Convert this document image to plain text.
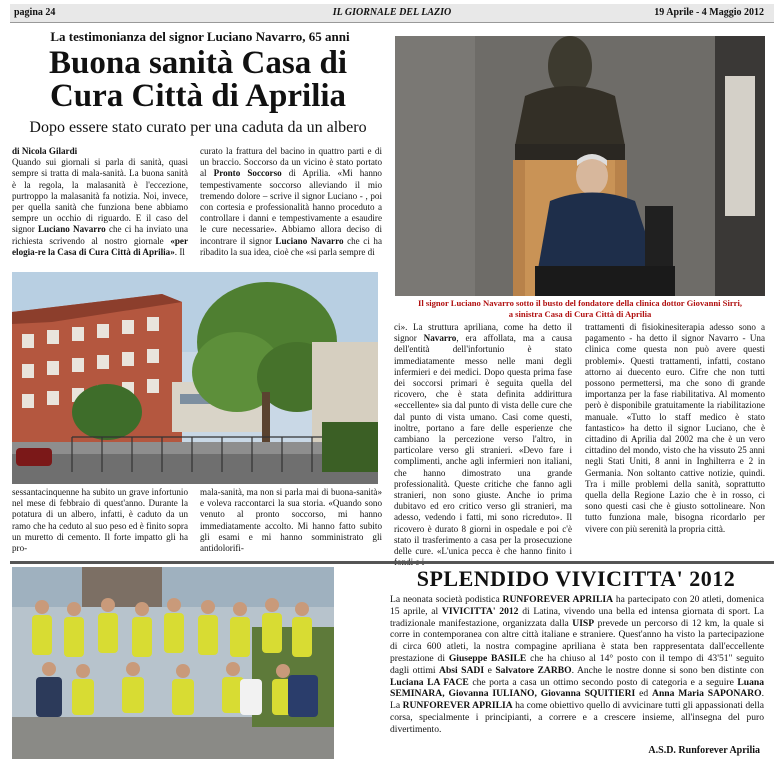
pagina 24	IL GIORNALE DEL LAZIO	19 Aprile - 4 Maggio 2012
La testimonianza del signor Luciano Navarro, 65 anni
Buona sanità Casa di
Cura Città di Aprilia
Dopo essere stato curato per una caduta da un albero
di Nicola Gilardi
Quando sui giornali si parla di sanità, quasi sempre si tratta di mala-sanità. La buona sanità è la regola, la malasanità è l'eccezione, purtroppo la malasanità fa notizia. Noi, invece, per quella sanità che funziona bene abbiamo sempre un occhio di riguardo. E il caso del signor Luciano Navarro che ci ha inviato una richiesta scrivendo al nostro giornale «per elogia-re la Casa di Cura Città di Aprilia». Il
curato la frattura del bacino in quattro parti e di un braccio. Soccorso da un vicino è stato portato al Pronto Soccorso di Aprilia. «Mi hanno tempestivamente soccorso alleviando il mio tremendo dolore – scrive il signor Luciano - , poi con cortesia e professionalità hanno proceduto a controllare i danni e tempestivamente a esaudire le cure necessarie». Abbiamo allora deciso di incontrare il signor Luciano Navarro che ci ha ribadito la sua idea, cioè che «si parla sempre di
sessantacinquenne ha subito un grave infortunio nel mese di febbraio di quest'anno. Durante la potatura di un albero, infatti, è caduto da un ramo che ha ceduto al suo peso ed è finito sopra un muretto di cemento. Il forte impatto gli ha pro-
mala-sanità, ma non si parla mai di buona-sanità» e voleva raccontarci la sua storia. «Quando sono venuto al pronto soccorso, mi hanno immediatamente accolto. Mi hanno fatto subito gli esami e mi hanno somministrato gli antidolorifi-
Il signor Luciano Navarro sotto il busto del fondatore della clinica dottor Giovanni Sirri,
a sinistra Casa di Cura Città di Aprilia
ci». La struttura apriliana, come ha detto il signor Navarro, era affollata, ma a causa dell'entità dell'infortunio è stato immediatamente messo nelle mani degli infermieri e dei medici. Dopo questa prima fase dei soccorsi primari è seguita quella del ricovero, che è stata definita addirittura «eccellente» sia dal punto di vista delle cure che dal punto di vista umano. Casi come questi, inoltre, portano a fare delle esperienze che cambiano la percezione verso l'altro, in particolare verso gli stranieri. «Devo fare i complimenti, anche agli infermieri non italiani, che hanno dimostrato una grande professionalità. Queste critiche che fanno agli stranieri, non sono giuste. Anche io prima dubitavo ed ero critico verso gli stranieri, ma adesso, vedendo i fatti, mi sono ricreduto». Il ricovero è durato 8 giorni in ospedale e poi c'è stato il trasferimento a casa per la prosecuzione delle cure. «L'unica pecca è che hanno finito i
trattamenti di fisiokinesiterapia adesso sono a pagamento - ha detto il signor Navarro - Una clinica come questa non può avere questi problemi». Questi trattamenti, infatti, costano attorno ai duecento euro. Cifre che non tutti possono permettersi, ma che sono di grande importanza per la fase riabilitativa. Al momento però è disponibile gratuitamente la riabilitazione manuale. «Tutto lo staff medico è stato fantastico» ha detto il signor Luciano, che è cittadino di Aprilia dal 2002 ma che è un vero cittadino del mondo, visto che ha vissuto 25 anni negli Stati Uniti, 8 anni in Inghilterra e 2 in Germania. Non soltanto cattive notizie, quindi. Tra i mille problemi della sanità, soprattutto quella della Regione Lazio che è in rosso, ci sono questi casi che è giusto sottolineare. Non tutto funziona male, bisogna ricordarlo per vivere con più serenità la propria città.
SPLENDIDO VIVICITTA' 2012
La neonata società podistica RUNFOREVER APRILIA ha partecipato con 20 atleti, domenica 15 aprile, al VIVICITTA' 2012 di Latina, vivendo una bella ed intensa giornata di sport. La tradizionale manifestazione, organizzata dalla UISP prevede un percorso di 12 km, la quale si corre in contemporanea con altre città italiane e straniere. Quest'anno ha visto la partecipazione di circa 600 atleti, la nostra compagine apriliana è stata ben rappresentata dall'eccellente prestazione di Giuseppe BASILE che ha chiuso al 14° posto con il tempo di 43'51" seguito dagli ottimi Absi SADI e Salvatore ZARBO. Anche le nostre donne si sono ben distinte con Luciana LA FACE che porta a casa un ottimo secondo posto di categoria e a seguire Luana SEMINARA, Giovanna IULIANO, Giovanna SQUITIERI ed Anna Maria SAPONARO. La RUNFOREVER APRILIA ha come obiettivo quello di avvicinare tutti gli appassionati della corsa, specialmente i principianti, a correre e a crescere insieme, all'insegna del puro divertimento.
A.S.D. Runforever Aprilia
